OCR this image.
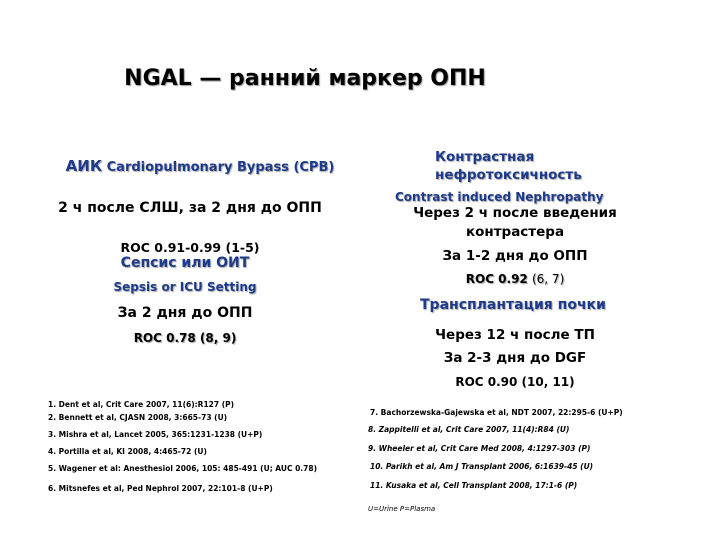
NGAL — ранний маркер ОПН
АИК Cardiopulmonary Bypass (CPB)
2 ч после СЛШ, за 2 дня до ОПП
ROC 0.91-0.99 (1-5)
Сепсис или ОИТ
Sepsis or ICU Setting
За 2 дня до ОПП
ROC 0.78 (8, 9)
1. Dent et al, Crit Care 2007, 11(6):R127 (P)
2. Bennett et al, CJASN 2008, 3:665-73 (U)
3. Mishra et al, Lancet 2005, 365:1231-1238 (U+P)
4. Portilla et al, KI 2008, 4:465-72 (U)
5. Wagener et al: Anesthesiol 2006, 105: 485-491 (U; AUC 0.78)
6. Mitsnefes et al, Ped Nephrol 2007, 22:101-8 (U+P)
Контрастная нефротоксичность
Contrast induced Nephropathy
Через 2 ч после введения контрастера
За 1-2 дня до ОПП
ROC 0.92 (6, 7)
Трансплантация почки
Через 12 ч после ТП
За 2-3 дня до DGF
ROC 0.90 (10, 11)
7. Bachorzewska-Gajewska et al, NDT 2007, 22:295-6 (U+P)
8. Zappitelli et al, Crit Care 2007, 11(4):R84 (U)
9. Wheeler et al, Crit Care Med 2008, 4:1297-303 (P)
10. Parikh et al, Am J Transplant 2006, 6:1639-45 (U)
11. Kusaka et al, Cell Transplant 2008, 17:1-6 (P)
U=Urine P=Plasma
